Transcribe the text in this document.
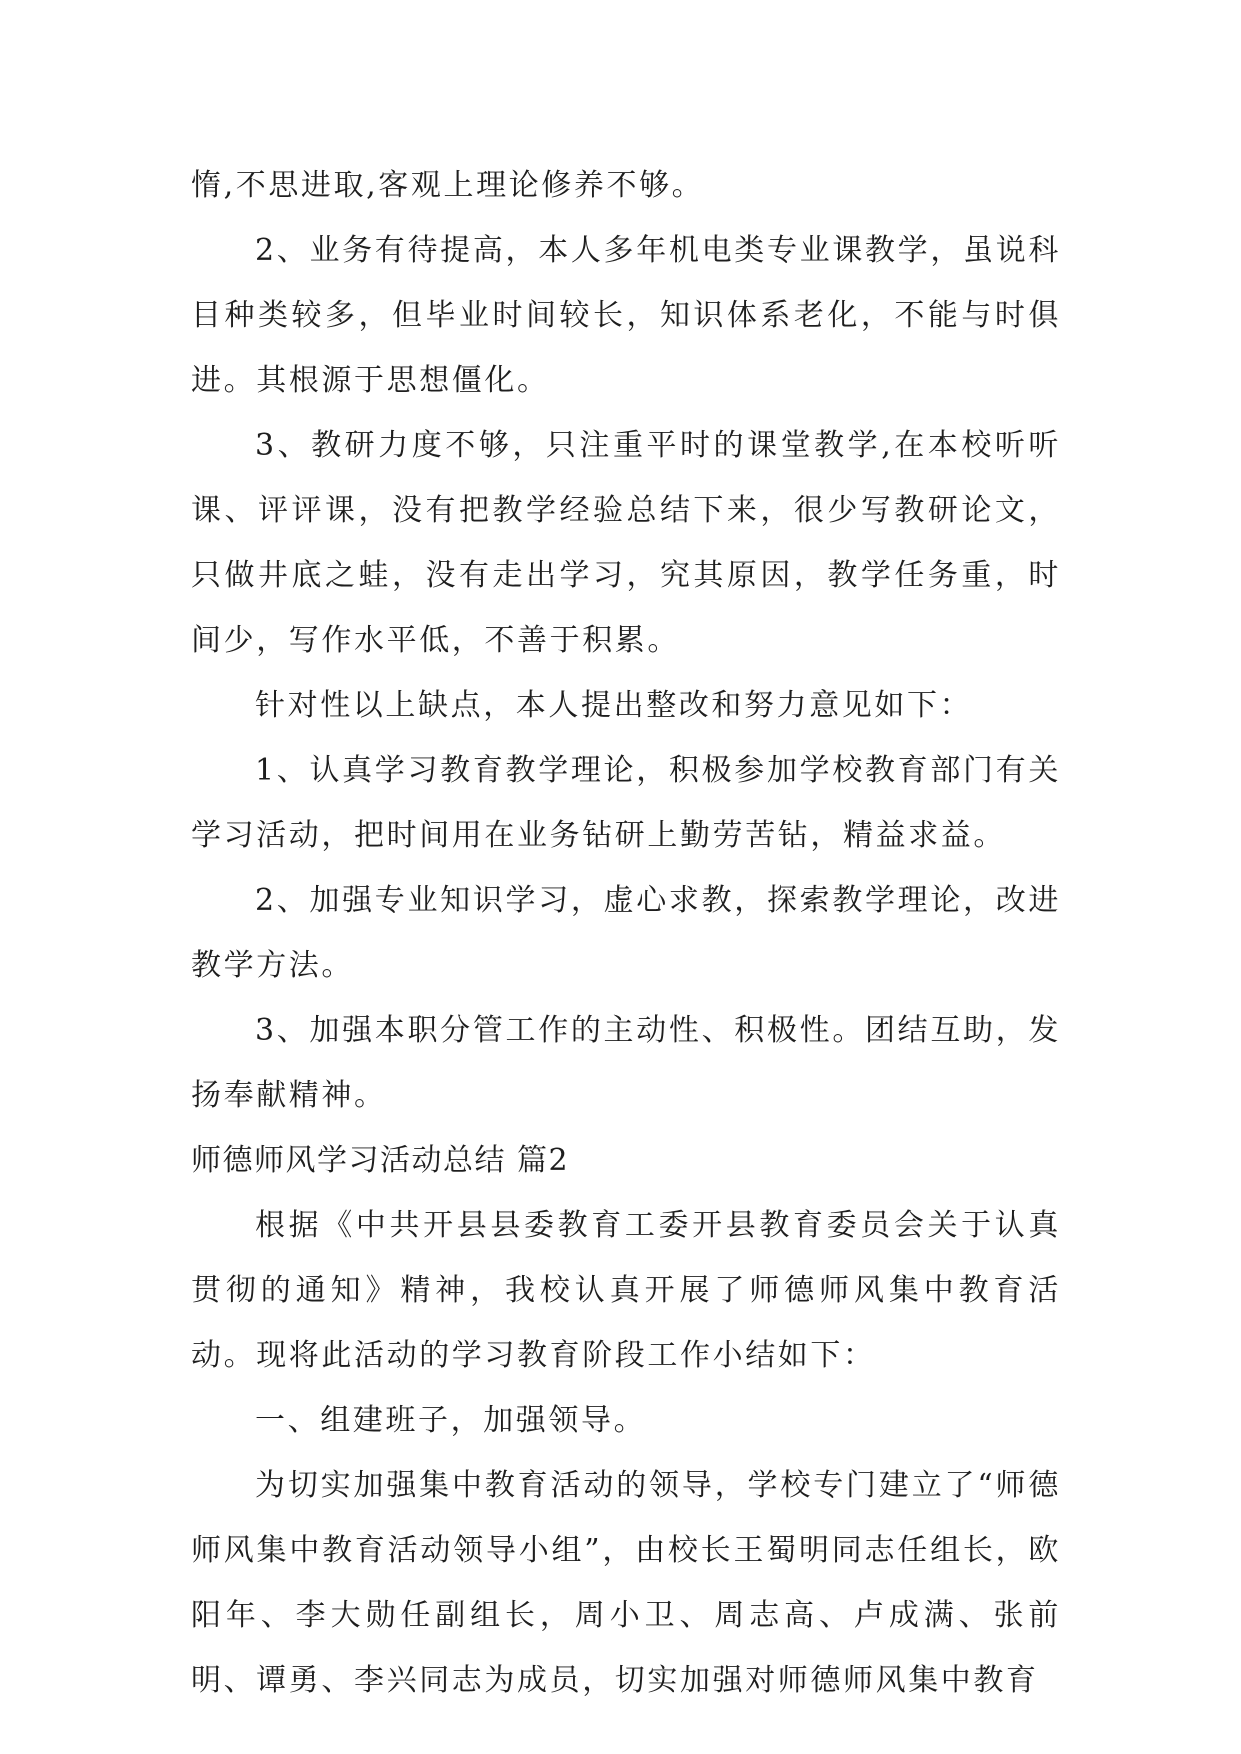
惰,不思进取,客观上理论修养不够。

2、业务有待提高，本人多年机电类专业课教学，虽说科目种类较多，但毕业时间较长，知识体系老化，不能与时俱进。其根源于思想僵化。

3、教研力度不够，只注重平时的课堂教学,在本校听听课、评评课，没有把教学经验总结下来，很少写教研论文，只做井底之蛙，没有走出学习，究其原因，教学任务重，时间少，写作水平低，不善于积累。

针对性以上缺点，本人提出整改和努力意见如下：

1、认真学习教育教学理论，积极参加学校教育部门有关学习活动，把时间用在业务钻研上勤劳苦钻，精益求益。

2、加强专业知识学习，虚心求教，探索教学理论，改进教学方法。

3、加强本职分管工作的主动性、积极性。团结互助，发扬奉献精神。

师德师风学习活动总结 篇2

根据《中共开县县委教育工委开县教育委员会关于认真贯彻的通知》精神，我校认真开展了师德师风集中教育活动。现将此活动的学习教育阶段工作小结如下：

一、组建班子，加强领导。

为切实加强集中教育活动的领导，学校专门建立了“师德师风集中教育活动领导小组”，由校长王蜀明同志任组长，欧阳年、李大勋任副组长，周小卫、周志高、卢成满、张前明、谭勇、李兴同志为成员，切实加强对师德师风集中教育
